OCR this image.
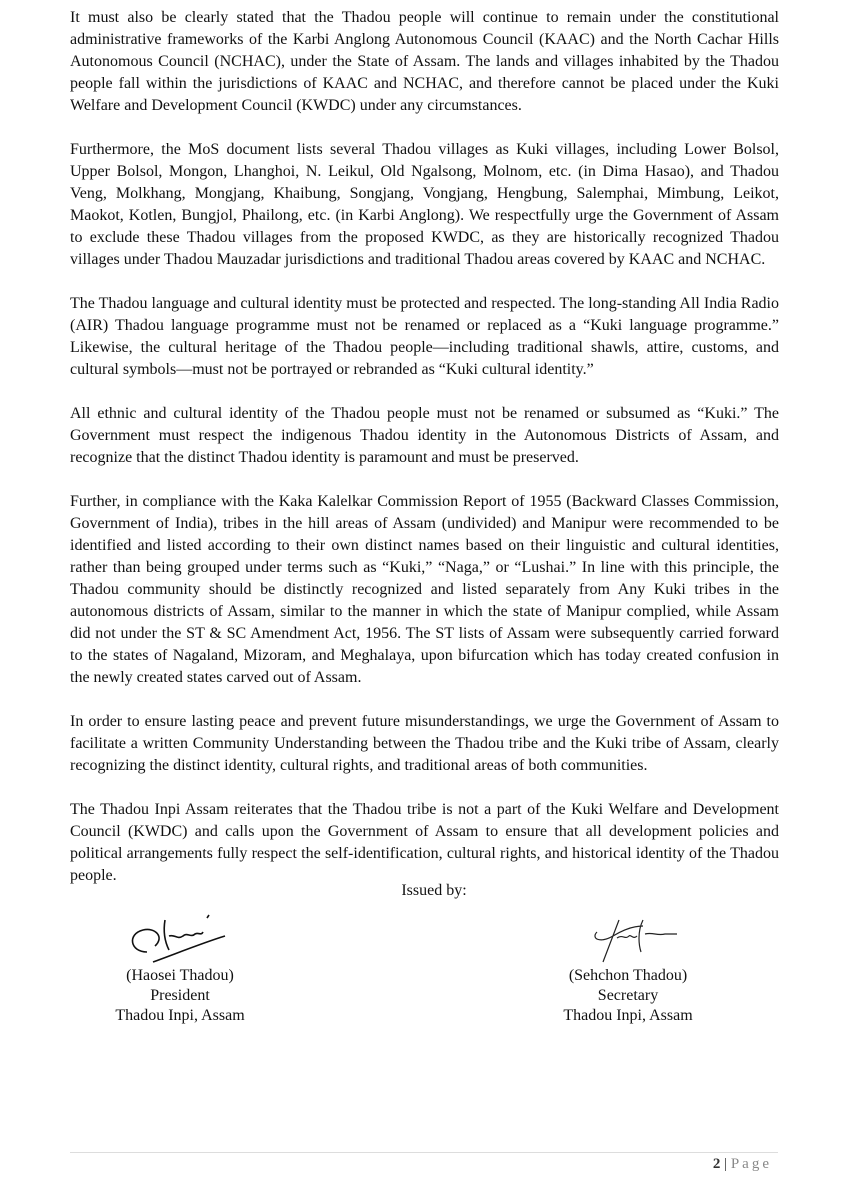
It must also be clearly stated that the Thadou people will continue to remain under the constitutional administrative frameworks of the Karbi Anglong Autonomous Council (KAAC) and the North Cachar Hills Autonomous Council (NCHAC), under the State of Assam. The lands and villages inhabited by the Thadou people fall within the jurisdictions of KAAC and NCHAC, and therefore cannot be placed under the Kuki Welfare and Development Council (KWDC) under any circumstances.

Furthermore, the MoS document lists several Thadou villages as Kuki villages, including Lower Bolsol, Upper Bolsol, Mongon, Lhanghoi, N. Leikul, Old Ngalsong, Molnom, etc. (in Dima Hasao), and Thadou Veng, Molkhang, Mongjang, Khaibung, Songjang, Vongjang, Hengbung, Salemphai, Mimbung, Leikot, Maokot, Kotlen, Bungjol, Phailong, etc. (in Karbi Anglong). We respectfully urge the Government of Assam to exclude these Thadou villages from the proposed KWDC, as they are historically recognized Thadou villages under Thadou Mauzadar jurisdictions and traditional Thadou areas covered by KAAC and NCHAC.

The Thadou language and cultural identity must be protected and respected. The long-standing All India Radio (AIR) Thadou language programme must not be renamed or replaced as a “Kuki language programme.” Likewise, the cultural heritage of the Thadou people—including traditional shawls, attire, customs, and cultural symbols—must not be portrayed or rebranded as “Kuki cultural identity.”

All ethnic and cultural identity of the Thadou people must not be renamed or subsumed as “Kuki.” The Government must respect the indigenous Thadou identity in the Autonomous Districts of Assam, and recognize that the distinct Thadou identity is paramount and must be preserved.

Further, in compliance with the Kaka Kalelkar Commission Report of 1955 (Backward Classes Commission, Government of India), tribes in the hill areas of Assam (undivided) and Manipur were recommended to be identified and listed according to their own distinct names based on their linguistic and cultural identities, rather than being grouped under terms such as “Kuki,” “Naga,” or “Lushai.” In line with this principle, the Thadou community should be distinctly recognized and listed separately from Any Kuki tribes in the autonomous districts of Assam, similar to the manner in which the state of Manipur complied, while Assam did not under the ST & SC Amendment Act, 1956. The ST lists of Assam were subsequently carried forward to the states of Nagaland, Mizoram, and Meghalaya, upon bifurcation which has today created confusion in the newly created states carved out of Assam.

In order to ensure lasting peace and prevent future misunderstandings, we urge the Government of Assam to facilitate a written Community Understanding between the Thadou tribe and the Kuki tribe of Assam, clearly recognizing the distinct identity, cultural rights, and traditional areas of both communities.

The Thadou Inpi Assam reiterates that the Thadou tribe is not a part of the Kuki Welfare and Development Council (KWDC) and calls upon the Government of Assam to ensure that all development policies and political arrangements fully respect the self-identification, cultural rights, and historical identity of the Thadou people.

Issued by:
(Haosei Thadou)
President
Thadou Inpi, Assam
(Sehchon Thadou)
Secretary
Thadou Inpi, Assam
2 | Page
